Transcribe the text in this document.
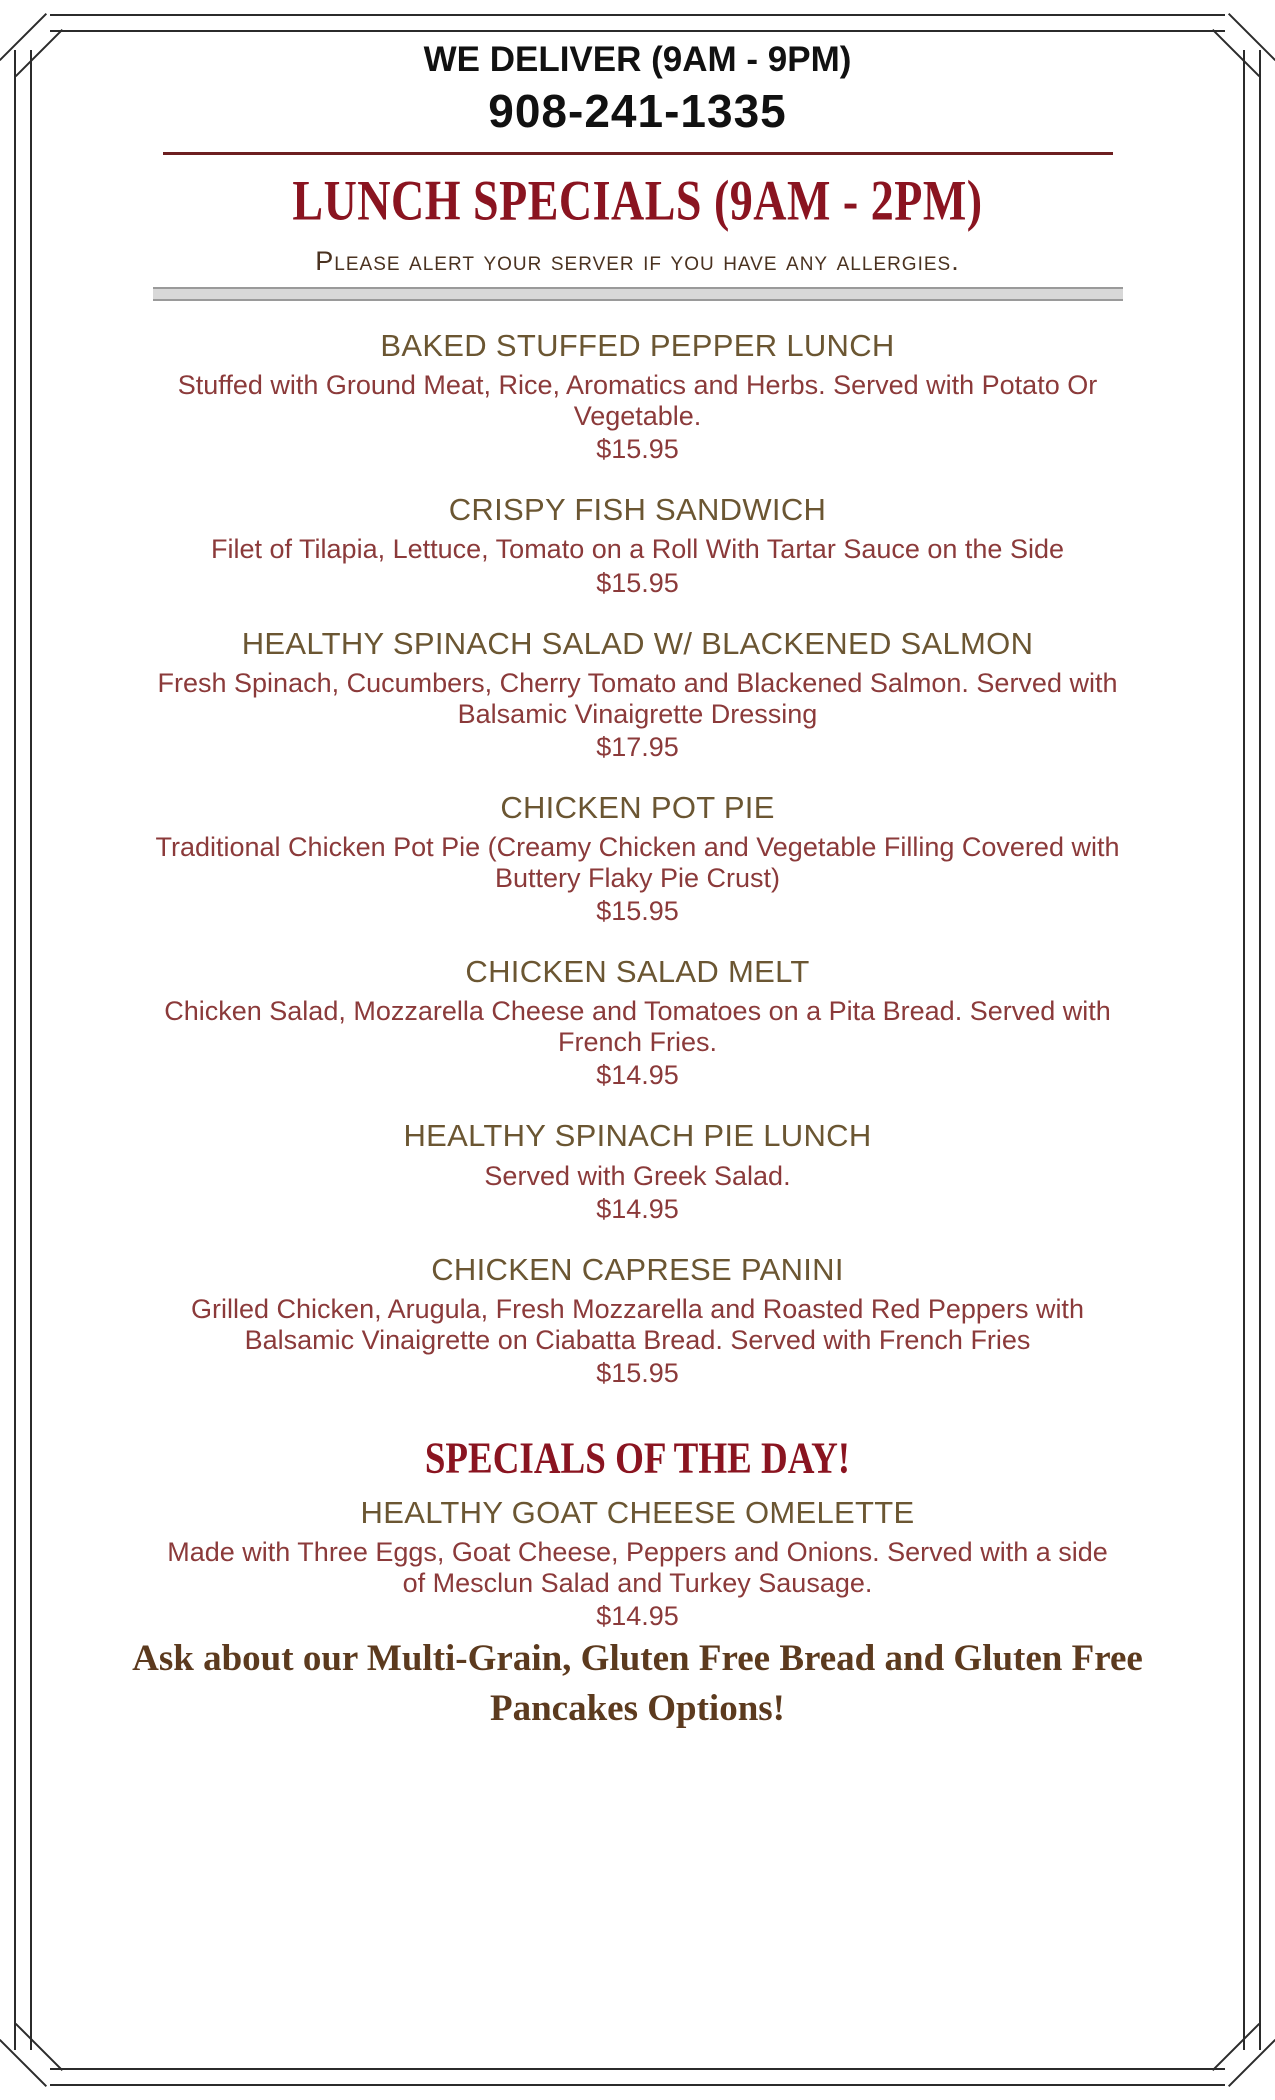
WE DELIVER (9AM - 9PM)
908-241-1335
LUNCH SPECIALS (9AM - 2PM)
Please alert your server if you have any allergies.
BAKED STUFFED PEPPER LUNCH
Stuffed with Ground Meat, Rice, Aromatics and Herbs. Served with Potato Or Vegetable.
$15.95
CRISPY FISH SANDWICH
Filet of Tilapia, Lettuce, Tomato on a Roll With Tartar Sauce on the Side
$15.95
HEALTHY SPINACH SALAD W/ BLACKENED SALMON
Fresh Spinach, Cucumbers, Cherry Tomato and Blackened Salmon. Served with Balsamic Vinaigrette Dressing
$17.95
CHICKEN POT PIE
Traditional Chicken Pot Pie (Creamy Chicken and Vegetable Filling Covered with Buttery Flaky Pie Crust)
$15.95
CHICKEN SALAD MELT
Chicken Salad, Mozzarella Cheese and Tomatoes on a Pita Bread. Served with French Fries.
$14.95
HEALTHY SPINACH PIE LUNCH
Served with Greek Salad.
$14.95
CHICKEN CAPRESE PANINI
Grilled Chicken, Arugula, Fresh Mozzarella and Roasted Red Peppers with Balsamic Vinaigrette on Ciabatta Bread. Served with French Fries
$15.95
SPECIALS OF THE DAY!
HEALTHY GOAT CHEESE OMELETTE
Made with Three Eggs, Goat Cheese, Peppers and Onions. Served with a side of Mesclun Salad and Turkey Sausage.
$14.95
Ask about our Multi-Grain, Gluten Free Bread and Gluten Free Pancakes Options!
